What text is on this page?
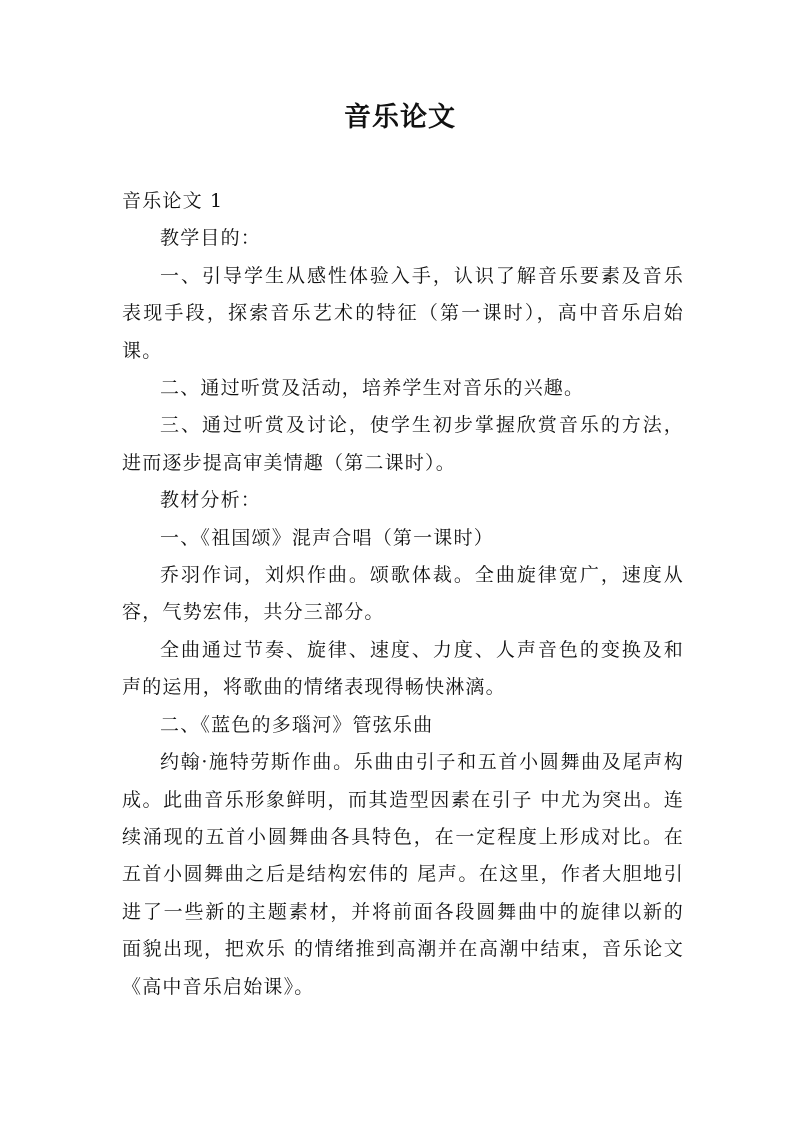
音乐论文

音乐论文 1

教学目的：

一、引导学生从感性体验入手，认识了解音乐要素及音乐表现手段，探索音乐艺术的特征（第一课时），高中音乐启始课。

二、通过听赏及活动，培养学生对音乐的兴趣。

三、通过听赏及讨论，使学生初步掌握欣赏音乐的方法，进而逐步提高审美情趣（第二课时）。

教材分析：

一、《祖国颂》混声合唱（第一课时）

乔羽作词，刘炽作曲。颂歌体裁。全曲旋律宽广，速度从容，气势宏伟，共分三部分。

全曲通过节奏、旋律、速度、力度、人声音色的变换及和声的运用，将歌曲的情绪表现得畅快淋漓。

二、《蓝色的多瑙河》管弦乐曲

约翰·施特劳斯作曲。乐曲由引子和五首小圆舞曲及尾声构成。此曲音乐形象鲜明，而其造型因素在引子 中尤为突出。连续涌现的五首小圆舞曲各具特色，在一定程度上形成对比。在五首小圆舞曲之后是结构宏伟的 尾声。在这里，作者大胆地引进了一些新的主题素材，并将前面各段圆舞曲中的旋律以新的面貌出现，把欢乐 的情绪推到高潮并在高潮中结束，音乐论文《高中音乐启始课》。
